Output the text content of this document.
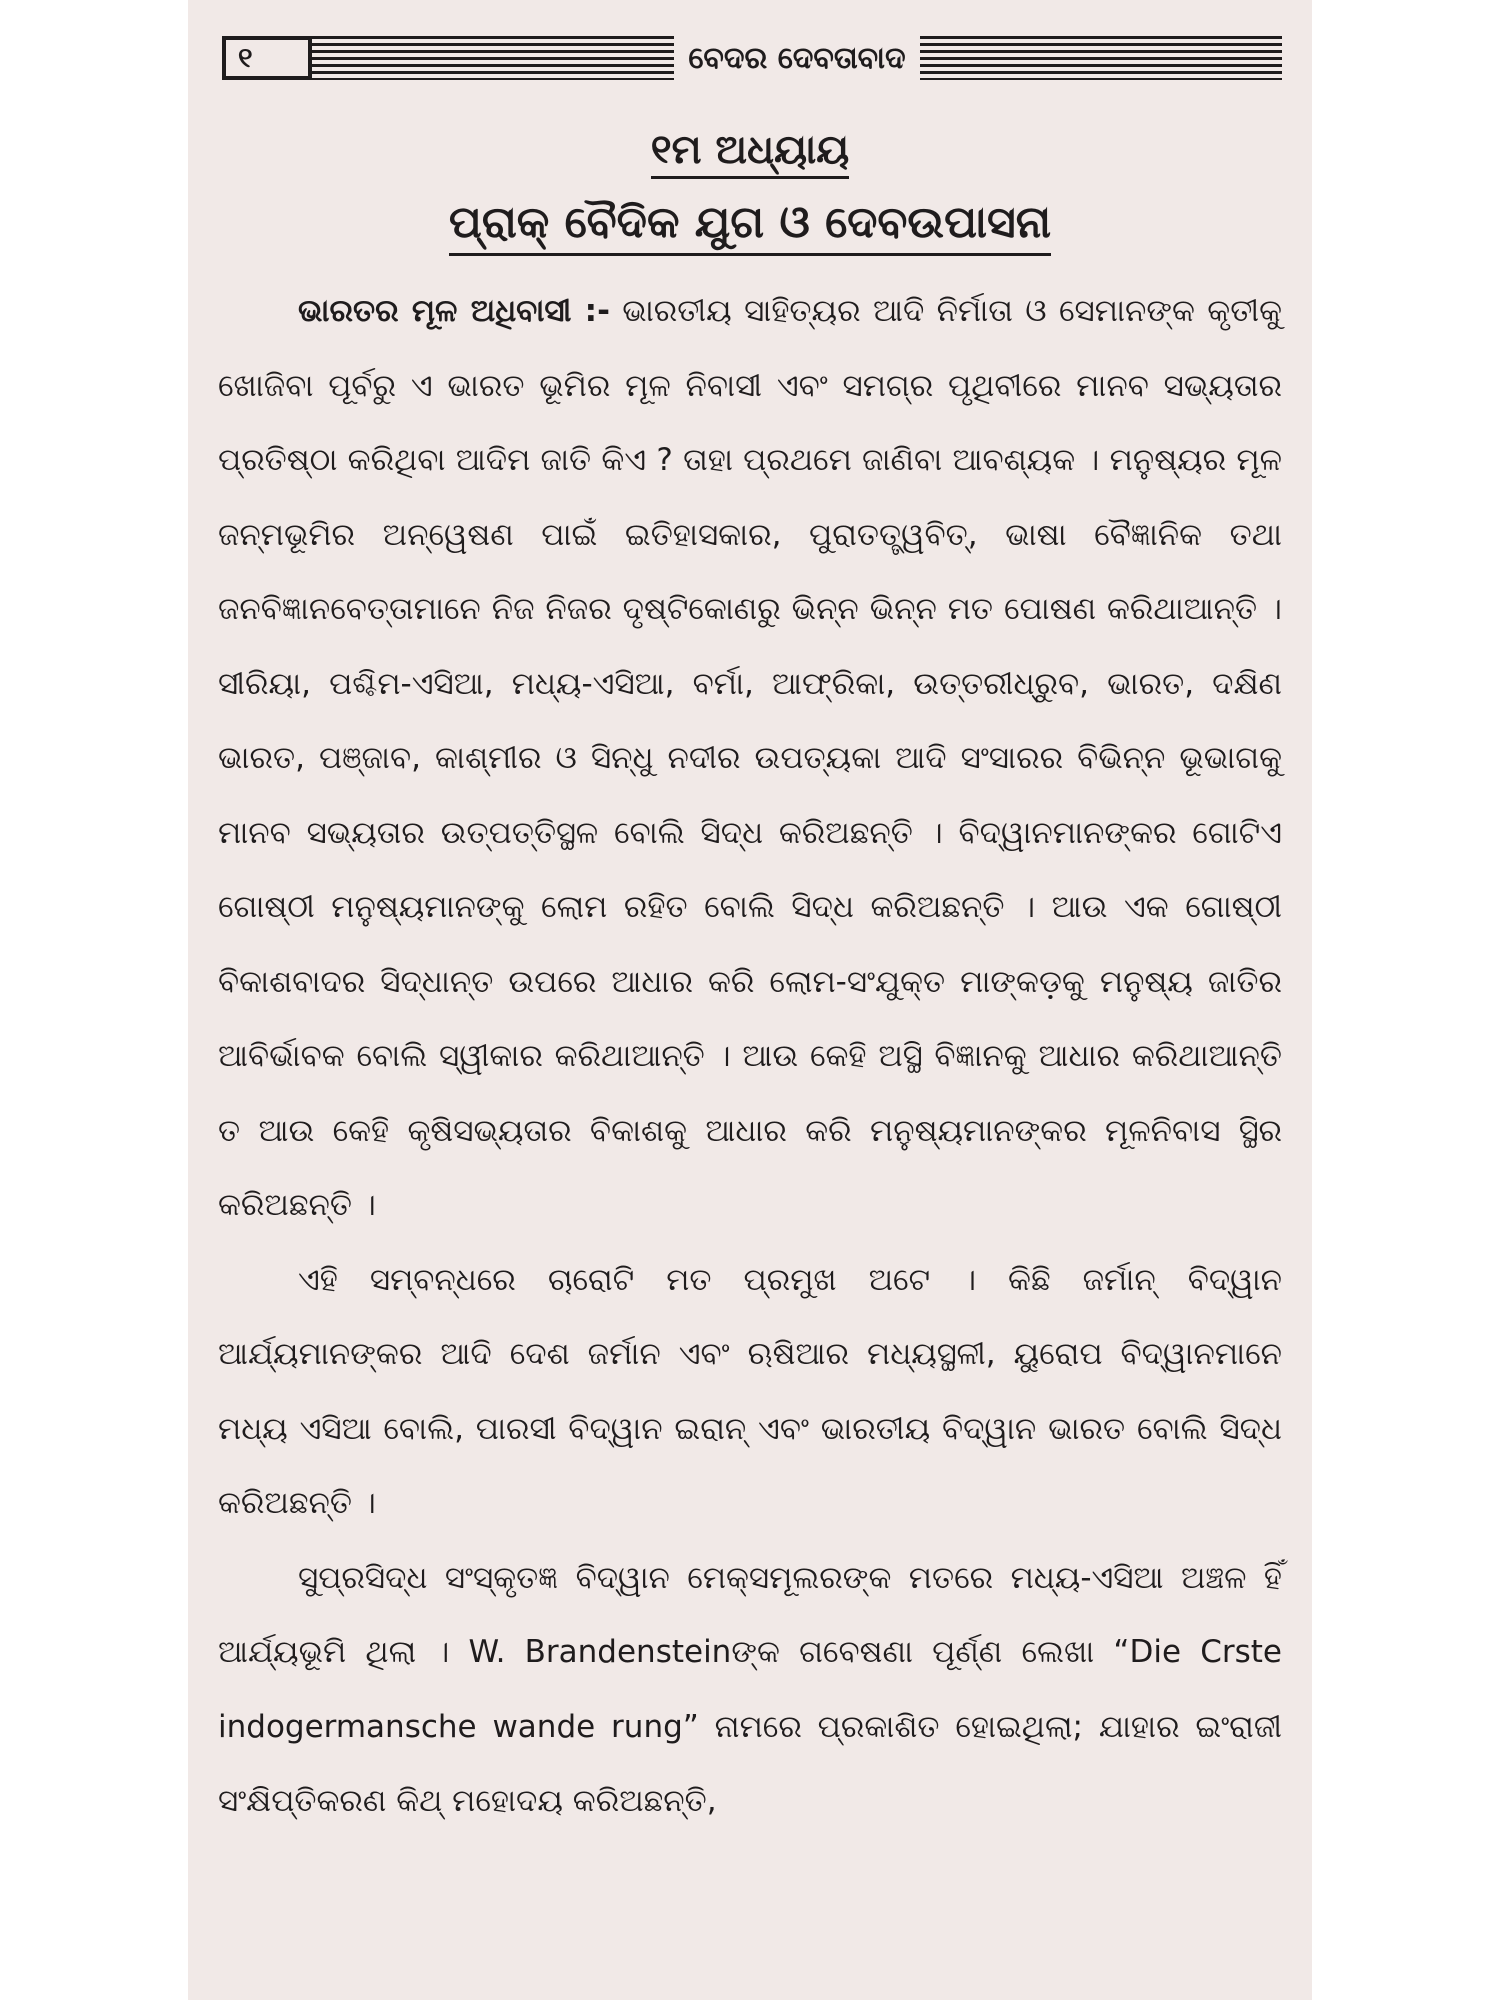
୧	ବେଦର ଦେବତାବାଦ
୧ମ ଅଧ୍ୟାୟ
ପ୍ରାକ୍ ବୈଦିକ ଯୁଗ ଓ ଦେବଉପାସନା

ଭାରତର ମୂଳ ଅଧିବାସୀ :- ଭାରତୀୟ ସାହିତ୍ୟର ଆଦି ନିର୍ମାତା ଓ ସେମାନଙ୍କ କୃତୀକୁ ଖୋଜିବା ପୂର୍ବରୁ ଏ ଭାରତ ଭୂମିର ମୂଳ ନିବାସୀ ଏବଂ ସମଗ୍ର ପୃଥିବୀରେ ମାନବ ସଭ୍ୟତାର ପ୍ରତିଷ୍ଠା କରିଥିବା ଆଦିମ ଜାତି କିଏ ? ତାହା ପ୍ରଥମେ ଜାଣିବା ଆବଶ୍ୟକ । ମନୁଷ୍ୟର ମୂଳ ଜନ୍ମଭୂମିର ଅନ୍ୱେଷଣ ପାଇଁ ଇତିହାସକାର, ପୁରାତତ୍ତ୍ୱବିତ୍, ଭାଷା ବୈଜ୍ଞାନିକ ତଥା ଜନବିଜ୍ଞାନବେତ୍ତାମାନେ ନିଜ ନିଜର ଦୃଷ୍ଟିକୋଣରୁ ଭିନ୍ନ ଭିନ୍ନ ମତ ପୋଷଣ କରିଥାଆନ୍ତି । ସୀରିୟା, ପଶ୍ଚିମ-ଏସିଆ, ମଧ୍ୟ-ଏସିଆ, ବର୍ମା, ଆଫ୍ରିକା, ଉତ୍ତରୀଧ୍ରୁବ, ଭାରତ, ଦକ୍ଷିଣ ଭାରତ, ପଞ୍ଜାବ, କାଶ୍ମୀର ଓ ସିନ୍ଧୁ ନଦୀର ଉପତ୍ୟକା ଆଦି ସଂସାରର ବିଭିନ୍ନ ଭୂଭାଗକୁ ମାନବ ସଭ୍ୟତାର ଉତ୍ପତ୍ତିସ୍ଥଳ ବୋଲି ସିଦ୍ଧ କରିଅଛନ୍ତି । ବିଦ୍ୱାନମାନଙ୍କର ଗୋଟିଏ ଗୋଷ୍ଠୀ ମନୁଷ୍ୟମାନଙ୍କୁ ଲୋମ ରହିତ ବୋଲି ସିଦ୍ଧ କରିଅଛନ୍ତି । ଆଉ ଏକ ଗୋଷ୍ଠୀ ବିକାଶବାଦର ସିଦ୍ଧାନ୍ତ ଉପରେ ଆଧାର କରି ଲୋମ-ସଂଯୁକ୍ତ ମାଙ୍କଡ଼କୁ ମନୁଷ୍ୟ ଜାତିର ଆବିର୍ଭାବକ ବୋଲି ସ୍ୱୀକାର କରିଥାଆନ୍ତି । ଆଉ କେହି ଅସ୍ଥି ବିଜ୍ଞାନକୁ ଆଧାର କରିଥାଆନ୍ତି ତ ଆଉ କେହି କୃଷିସଭ୍ୟତାର ବିକାଶକୁ ଆଧାର କରି ମନୁଷ୍ୟମାନଙ୍କର ମୂଳନିବାସ ସ୍ଥିର କରିଅଛନ୍ତି ।

ଏହି ସମ୍ବନ୍ଧରେ ଚାରୋଟି ମତ ପ୍ରମୁଖ ଅଟେ । କିଛି ଜର୍ମାନ୍ ବିଦ୍ୱାନ ଆର୍ଯ୍ୟମାନଙ୍କର ଆଦି ଦେଶ ଜର୍ମାନ ଏବଂ ଋଷିଆର ମଧ୍ୟସ୍ଥଳୀ, ୟୁରୋପ ବିଦ୍ୱାନମାନେ ମଧ୍ୟ ଏସିଆ ବୋଲି, ପାରସୀ ବିଦ୍ୱାନ ଇରାନ୍ ଏବଂ ଭାରତୀୟ ବିଦ୍ୱାନ ଭାରତ ବୋଲି ସିଦ୍ଧ କରିଅଛନ୍ତି ।

ସୁପ୍ରସିଦ୍ଧ ସଂସ୍କୃତଜ୍ଞ ବିଦ୍ୱାନ ମେକ୍ସମୂଲରଙ୍କ ମତରେ ମଧ୍ୟ-ଏସିଆ ଅଞ୍ଚଳ ହିଁ ଆର୍ଯ୍ୟଭୂମି ଥିଲା । W. Brandensteinଙ୍କ ଗବେଷଣା ପୂର୍ଣ୍ଣ ଲେଖା “Die Crste indogermansche wande rung” ନାମରେ ପ୍ରକାଶିତ ହୋଇଥିଲା; ଯାହାର ଇଂରାଜୀ ସଂକ୍ଷିପ୍ତିକରଣ କିଥ୍ ମହୋଦୟ କରିଅଛନ୍ତି,
